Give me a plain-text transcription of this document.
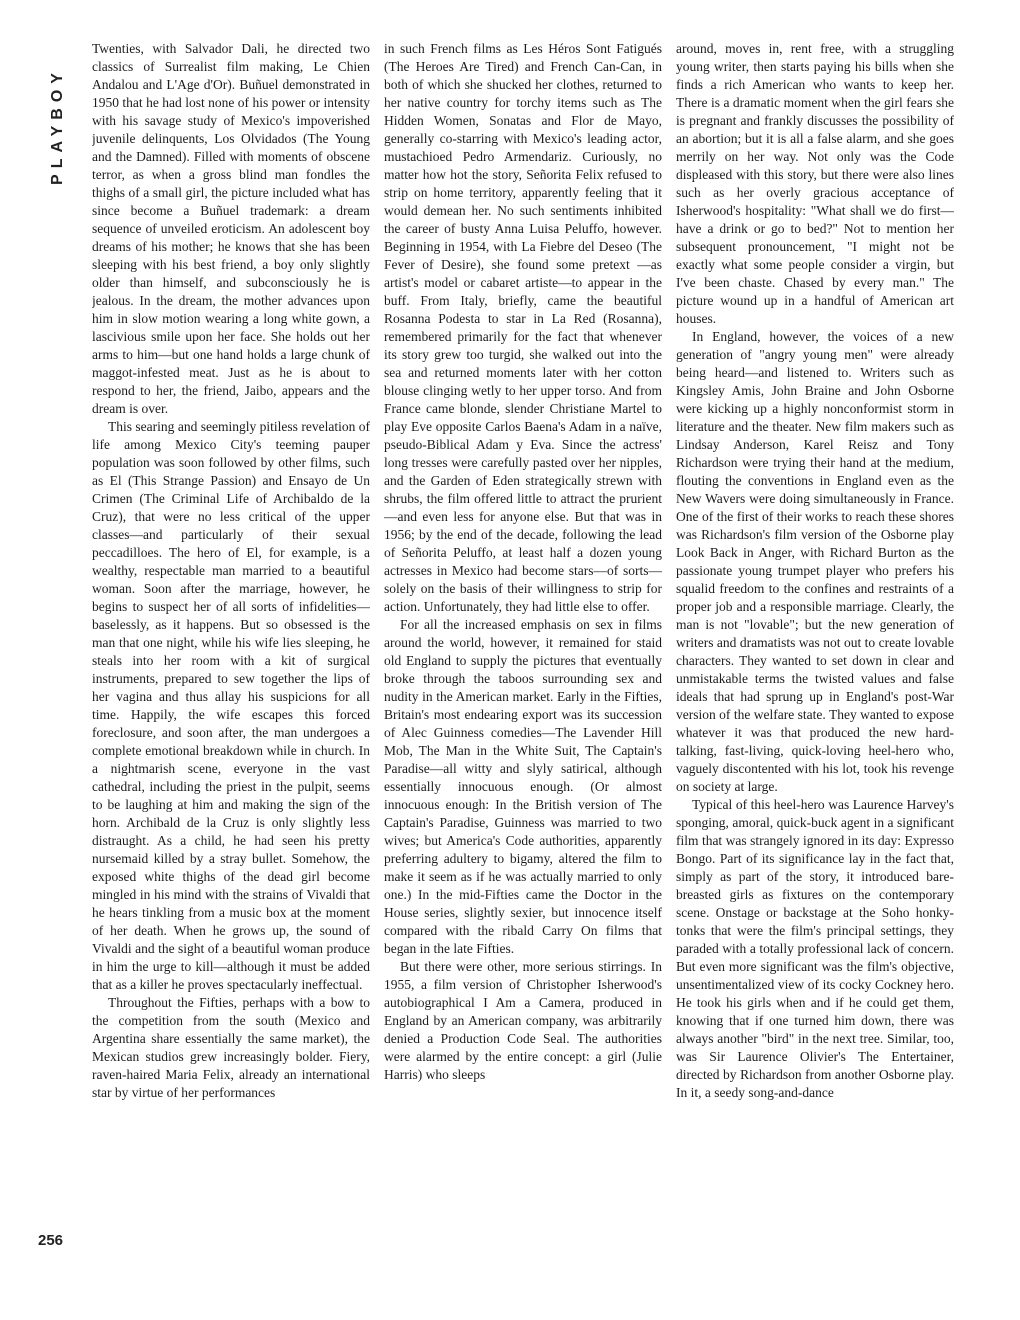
PLAYBOY

Twenties, with Salvador Dali, he directed two classics of Surrealist film making, Le Chien Andalou and L'Age d'Or). Buñuel demonstrated in 1950 that he had lost none of his power or intensity with his savage study of Mexico's impoverished juvenile delinquents, Los Olvidados (The Young and the Damned). Filled with moments of obscene terror, as when a gross blind man fondles the thighs of a small girl, the picture included what has since become a Buñuel trademark: a dream sequence of unveiled eroticism. An adolescent boy dreams of his mother; he knows that she has been sleeping with his best friend, a boy only slightly older than himself, and subconsciously he is jealous. In the dream, the mother advances upon him in slow motion wearing a long white gown, a lascivious smile upon her face. She holds out her arms to him—but one hand holds a large chunk of maggot-infested meat. Just as he is about to respond to her, the friend, Jaibo, appears and the dream is over.

This searing and seemingly pitiless revelation of life among Mexico City's teeming pauper population was soon followed by other films, such as El (This Strange Passion) and Ensayo de Un Crimen (The Criminal Life of Archibaldo de la Cruz), that were no less critical of the upper classes—and particularly of their sexual peccadilloes. The hero of El, for example, is a wealthy, respectable man married to a beautiful woman. Soon after the marriage, however, he begins to suspect her of all sorts of infidelities—baselessly, as it happens. But so obsessed is the man that one night, while his wife lies sleeping, he steals into her room with a kit of surgical instruments, prepared to sew together the lips of her vagina and thus allay his suspicions for all time. Happily, the wife escapes this forced foreclosure, and soon after, the man undergoes a complete emotional breakdown while in church. In a nightmarish scene, everyone in the vast cathedral, including the priest in the pulpit, seems to be laughing at him and making the sign of the horn. Archibald de la Cruz is only slightly less distraught. As a child, he had seen his pretty nursemaid killed by a stray bullet. Somehow, the exposed white thighs of the dead girl become mingled in his mind with the strains of Vivaldi that he hears tinkling from a music box at the moment of her death. When he grows up, the sound of Vivaldi and the sight of a beautiful woman produce in him the urge to kill—although it must be added that as a killer he proves spectacularly ineffectual.

Throughout the Fifties, perhaps with a bow to the competition from the south (Mexico and Argentina share essentially the same market), the Mexican studios grew increasingly bolder. Fiery, raven-haired Maria Felix, already an international star by virtue of her performances

in such French films as Les Héros Sont Fatigués (The Heroes Are Tired) and French Can-Can, in both of which she shucked her clothes, returned to her native country for torchy items such as The Hidden Women, Sonatas and Flor de Mayo, generally co-starring with Mexico's leading actor, mustachioed Pedro Armendariz. Curiously, no matter how hot the story, Señorita Felix refused to strip on home territory, apparently feeling that it would demean her. No such sentiments inhibited the career of busty Anna Luisa Peluffo, however. Beginning in 1954, with La Fiebre del Deseo (The Fever of Desire), she found some pretext —as artist's model or cabaret artiste—to appear in the buff. From Italy, briefly, came the beautiful Rosanna Podesta to star in La Red (Rosanna), remembered primarily for the fact that whenever its story grew too turgid, she walked out into the sea and returned moments later with her cotton blouse clinging wetly to her upper torso. And from France came blonde, slender Christiane Martel to play Eve opposite Carlos Baena's Adam in a naïve, pseudo-Biblical Adam y Eva. Since the actress' long tresses were carefully pasted over her nipples, and the Garden of Eden strategically strewn with shrubs, the film offered little to attract the prurient—and even less for anyone else. But that was in 1956; by the end of the decade, following the lead of Señorita Peluffo, at least half a dozen young actresses in Mexico had become stars—of sorts—solely on the basis of their willingness to strip for action. Unfortunately, they had little else to offer.

For all the increased emphasis on sex in films around the world, however, it remained for staid old England to supply the pictures that eventually broke through the taboos surrounding sex and nudity in the American market. Early in the Fifties, Britain's most endearing export was its succession of Alec Guinness comedies—The Lavender Hill Mob, The Man in the White Suit, The Captain's Paradise—all witty and slyly satirical, although essentially innocuous enough. (Or almost innocuous enough: In the British version of The Captain's Paradise, Guinness was married to two wives; but America's Code authorities, apparently preferring adultery to bigamy, altered the film to make it seem as if he was actually married to only one.) In the mid-Fifties came the Doctor in the House series, slightly sexier, but innocence itself compared with the ribald Carry On films that began in the late Fifties.

But there were other, more serious stirrings. In 1955, a film version of Christopher Isherwood's autobiographical I Am a Camera, produced in England by an American company, was arbitrarily denied a Production Code Seal. The authorities were alarmed by the entire concept: a girl (Julie Harris) who sleeps

around, moves in, rent free, with a struggling young writer, then starts paying his bills when she finds a rich American who wants to keep her. There is a dramatic moment when the girl fears she is pregnant and frankly discusses the possibility of an abortion; but it is all a false alarm, and she goes merrily on her way. Not only was the Code displeased with this story, but there were also lines such as her overly gracious acceptance of Isherwood's hospitality: "What shall we do first—have a drink or go to bed?" Not to mention her subsequent pronouncement, "I might not be exactly what some people consider a virgin, but I've been chaste. Chased by every man." The picture wound up in a handful of American art houses.

In England, however, the voices of a new generation of "angry young men" were already being heard—and listened to. Writers such as Kingsley Amis, John Braine and John Osborne were kicking up a highly nonconformist storm in literature and the theater. New film makers such as Lindsay Anderson, Karel Reisz and Tony Richardson were trying their hand at the medium, flouting the conventions in England even as the New Wavers were doing simultaneously in France. One of the first of their works to reach these shores was Richardson's film version of the Osborne play Look Back in Anger, with Richard Burton as the passionate young trumpet player who prefers his squalid freedom to the confines and restraints of a proper job and a responsible marriage. Clearly, the man is not "lovable"; but the new generation of writers and dramatists was not out to create lovable characters. They wanted to set down in clear and unmistakable terms the twisted values and false ideals that had sprung up in England's post-War version of the welfare state. They wanted to expose whatever it was that produced the new hard-talking, fast-living, quick-loving heel-hero who, vaguely discontented with his lot, took his revenge on society at large.

Typical of this heel-hero was Laurence Harvey's sponging, amoral, quick-buck agent in a significant film that was strangely ignored in its day: Expresso Bongo. Part of its significance lay in the fact that, simply as part of the story, it introduced bare-breasted girls as fixtures on the contemporary scene. Onstage or backstage at the Soho honky-tonks that were the film's principal settings, they paraded with a totally professional lack of concern. But even more significant was the film's objective, unsentimentalized view of its cocky Cockney hero. He took his girls when and if he could get them, knowing that if one turned him down, there was always another "bird" in the next tree. Similar, too, was Sir Laurence Olivier's The Entertainer, directed by Richardson from another Osborne play. In it, a seedy song-and-dance

256
